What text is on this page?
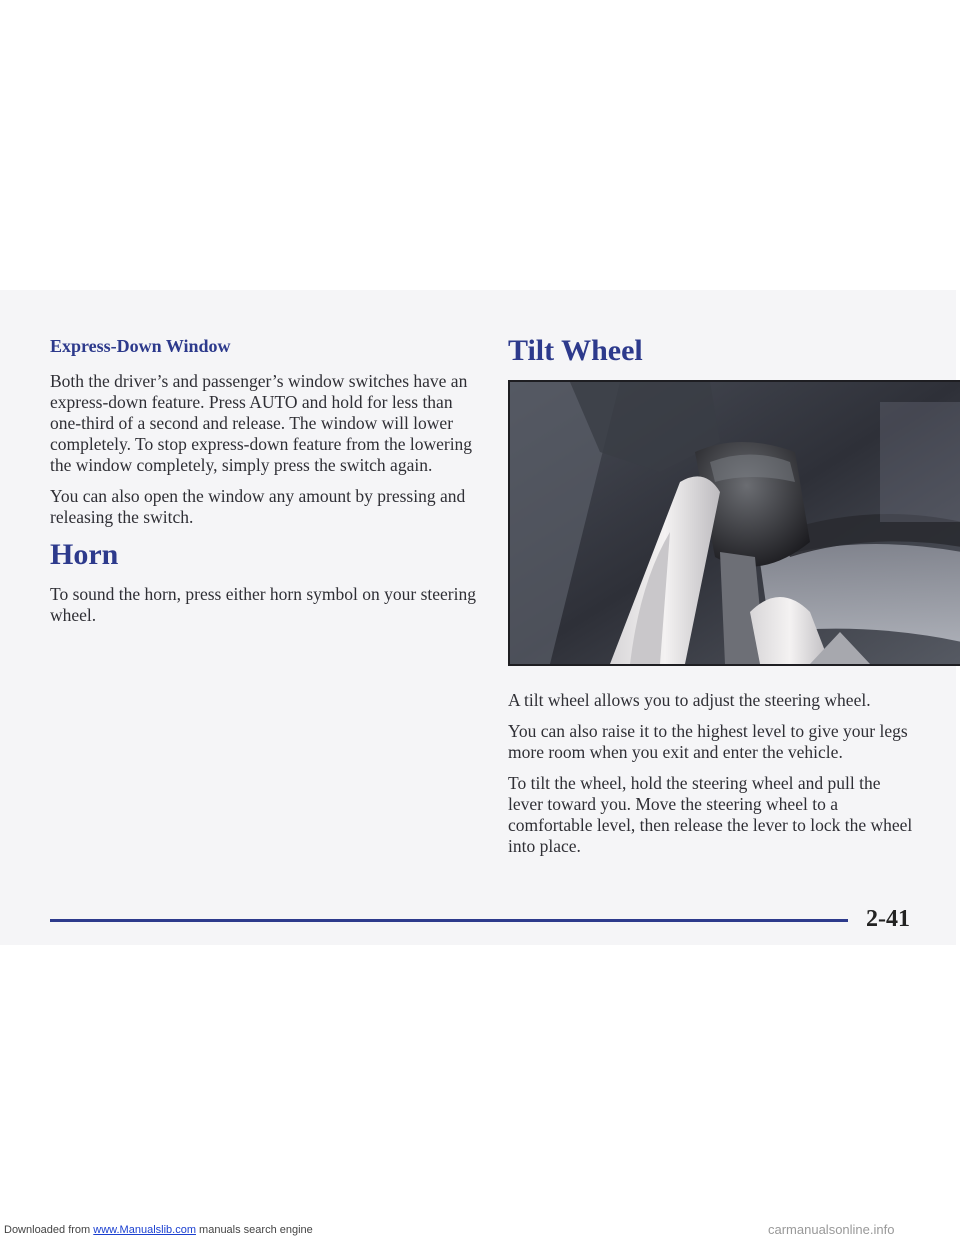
Express-Down Window

Both the driver’s and passenger’s window switches have an express-down feature. Press AUTO and hold for less than one-third of a second and release. The window will lower completely. To stop express-down feature from the lowering the window completely, simply press the switch again.

You can also open the window any amount by pressing and releasing the switch.

Horn

To sound the horn, press either horn symbol on your steering wheel.

Tilt Wheel

A tilt wheel allows you to adjust the steering wheel.

You can also raise it to the highest level to give your legs more room when you exit and enter the vehicle.

To tilt the wheel, hold the steering wheel and pull the lever toward you. Move the steering wheel to a comfortable level, then release the lever to lock the wheel into place.

2-41
Downloaded from www.Manualslib.com manuals search engine	carmanualsonline.info
